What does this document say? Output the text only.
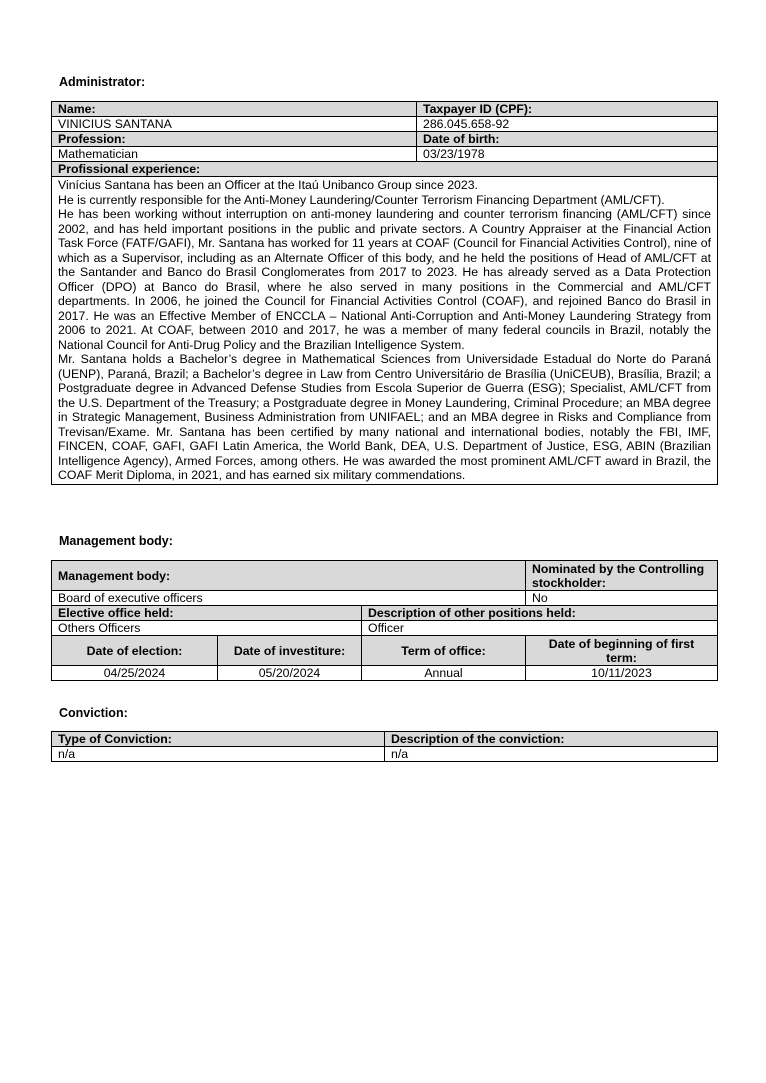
Administrator:
Name:	Taxpayer ID (CPF):
VINICIUS SANTANA	286.045.658-92
Profession:	Date of birth:
Mathematician	03/23/1978
Profissional experience:	

Vinícius Santana has been an Officer at the Itaú Unibanco Group since 2023.

He is currently responsible for the Anti-Money Laundering/Counter Terrorism Financing Department (AML/CFT).

He has been working without interruption on anti-money laundering and counter terrorism financing (AML/CFT) since 2002, and has held important positions in the public and private sectors. A Country Appraiser at the Financial Action Task Force (FATF/GAFI), Mr. Santana has worked for 11 years at COAF (Council for Financial Activities Control), nine of which as a Supervisor, including as an Alternate Officer of this body, and he held the positions of Head of AML/CFT at the Santander and Banco do Brasil Conglomerates from 2017 to 2023. He has already served as a Data Protection Officer (DPO) at Banco do Brasil, where he also served in many positions in the Commercial and AML/CFT departments. In 2006, he joined the Council for Financial Activities Control (COAF), and rejoined Banco do Brasil in 2017. He was an Effective Member of ENCCLA – National Anti-Corruption and Anti-Money Laundering Strategy from 2006 to 2021. At COAF, between 2010 and 2017, he was a member of many federal councils in Brazil, notably the National Council for Anti-Drug Policy and the Brazilian Intelligence System.

Mr. Santana holds a Bachelor’s degree in Mathematical Sciences from Universidade Estadual do Norte do Paraná (UENP), Paraná, Brazil; a Bachelor’s degree in Law from Centro Universitário de Brasília (UniCEUB), Brasília, Brazil; a Postgraduate degree in Advanced Defense Studies from Escola Superior de Guerra (ESG); Specialist, AML/CFT from the U.S. Department of the Treasury; a Postgraduate degree in Money Laundering, Criminal Procedure; an MBA degree in Strategic Management, Business Administration from UNIFAEL; and an MBA degree in Risks and Compliance from Trevisan/Exame. Mr. Santana has been certified by many national and international bodies, notably the FBI, IMF, FINCEN, COAF, GAFI, GAFI Latin America, the World Bank, DEA, U.S. Department of Justice, ESG, ABIN (Brazilian Intelligence Agency), Armed Forces, among others. He was awarded the most prominent AML/CFT award in Brazil, the COAF Merit Diploma, in 2021, and has earned six military commendations.	

Management body:
Management body:			Nominated by the Controlling stockholder:
Board of executive officers			No
Elective office held:		Description of other positions held:	
Others Officers		Officer	
Date of election:	Date of investiture:	Term of office:	Date of beginning of first term:
04/25/2024	05/20/2024	Annual	10/11/2023
Conviction:
Type of Conviction:	Description of the conviction:
n/a	n/a
